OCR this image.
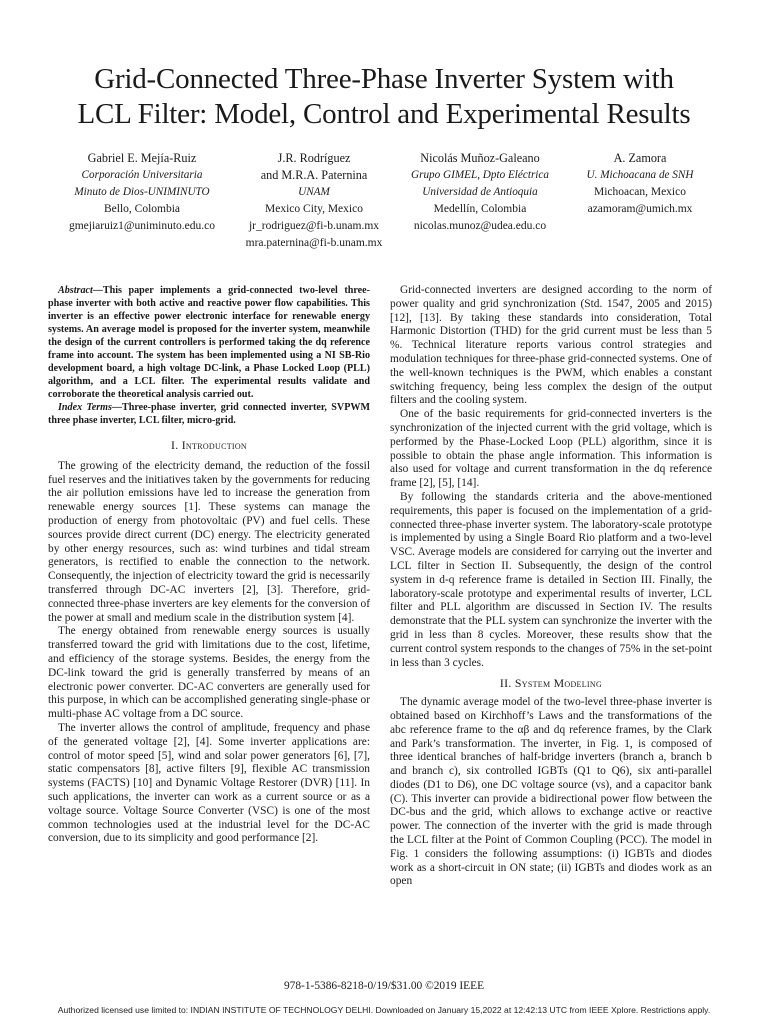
Grid-Connected Three-Phase Inverter System with
LCL Filter: Model, Control and Experimental Results
Gabriel E. Mejía-Ruiz
Corporación Universitaria
Minuto de Dios-UNIMINUTO
Bello, Colombia
gmejiaruiz1@uniminuto.edu.co
J.R. Rodríguez
and M.R.A. Paternina
UNAM
Mexico City, Mexico
jr_rodriguez@fi-b.unam.mx
mra.paternina@fi-b.unam.mx
Nicolás Muñoz-Galeano
Grupo GIMEL, Dpto Eléctrica
Universidad de Antioquia
Medellín, Colombia
nicolas.munoz@udea.edu.co
A. Zamora
U. Michoacana de SNH
Michoacan, Mexico
azamoram@umich.mx

Abstract—This paper implements a grid-connected two-level three-phase inverter with both active and reactive power flow capabilities. This inverter is an effective power electronic interface for renewable energy systems. An average model is proposed for the inverter system, meanwhile the design of the current controllers is performed taking the dq reference frame into account. The system has been implemented using a NI SB-Rio development board, a high voltage DC-link, a Phase Locked Loop (PLL) algorithm, and a LCL filter. The experimental results validate and corroborate the theoretical analysis carried out.

Index Terms—Three-phase inverter, grid connected inverter, SVPWM three phase inverter, LCL filter, micro-grid.

I. Introduction

The growing of the electricity demand, the reduction of the fossil fuel reserves and the initiatives taken by the governments for reducing the air pollution emissions have led to increase the generation from renewable energy sources [1]. These systems can manage the production of energy from photovoltaic (PV) and fuel cells. These sources provide direct current (DC) energy. The electricity generated by other energy resources, such as: wind turbines and tidal stream generators, is rectified to enable the connection to the network. Consequently, the injection of electricity toward the grid is necessarily transferred through DC-AC inverters [2], [3]. Therefore, grid-connected three-phase inverters are key elements for the conversion of the power at small and medium scale in the distribution system [4].

The energy obtained from renewable energy sources is usually transferred toward the grid with limitations due to the cost, lifetime, and efficiency of the storage systems. Besides, the energy from the DC-link toward the grid is generally transferred by means of an electronic power converter. DC-AC converters are generally used for this purpose, in which can be accomplished generating single-phase or multi-phase AC voltage from a DC source.

The inverter allows the control of amplitude, frequency and phase of the generated voltage [2], [4]. Some inverter applications are: control of motor speed [5], wind and solar power generators [6], [7], static compensators [8], active filters [9], flexible AC transmission systems (FACTS) [10] and Dynamic Voltage Restorer (DVR) [11]. In such applications, the inverter can work as a current source or as a voltage source. Voltage Source Converter (VSC) is one of the most common technologies used at the industrial level for the DC-AC conversion, due to its simplicity and good performance [2].

Grid-connected inverters are designed according to the norm of power quality and grid synchronization (Std. 1547, 2005 and 2015) [12], [13]. By taking these standards into consideration, Total Harmonic Distortion (THD) for the grid current must be less than 5 %. Technical literature reports various control strategies and modulation techniques for three-phase grid-connected systems. One of the well-known techniques is the PWM, which enables a constant switching frequency, being less complex the design of the output filters and the cooling system.

One of the basic requirements for grid-connected inverters is the synchronization of the injected current with the grid voltage, which is performed by the Phase-Locked Loop (PLL) algorithm, since it is possible to obtain the phase angle information. This information is also used for voltage and current transformation in the dq reference frame [2], [5], [14].

By following the standards criteria and the above-mentioned requirements, this paper is focused on the implementation of a grid-connected three-phase inverter system. The laboratory-scale prototype is implemented by using a Single Board Rio platform and a two-level VSC. Average models are considered for carrying out the inverter and LCL filter in Section II. Subsequently, the design of the control system in d-q reference frame is detailed in Section III. Finally, the laboratory-scale prototype and experimental results of inverter, LCL filter and PLL algorithm are discussed in Section IV. The results demonstrate that the PLL system can synchronize the inverter with the grid in less than 8 cycles. Moreover, these results show that the current control system responds to the changes of 75% in the set-point in less than 3 cycles.

II. System Modeling

The dynamic average model of the two-level three-phase inverter is obtained based on Kirchhoff’s Laws and the transformations of the abc reference frame to the αβ and dq reference frames, by the Clark and Park’s transformation. The inverter, in Fig. 1, is composed of three identical branches of half-bridge inverters (branch a, branch b and branch c), six controlled IGBTs (Q1 to Q6), six anti-parallel diodes (D1 to D6), one DC voltage source (vs), and a capacitor bank (C). This inverter can provide a bidirectional power flow between the DC-bus and the grid, which allows to exchange active or reactive power. The connection of the inverter with the grid is made through the LCL filter at the Point of Common Coupling (PCC). The model in Fig. 1 considers the following assumptions: (i) IGBTs and diodes work as a short-circuit in ON state; (ii) IGBTs and diodes work as an open

978-1-5386-8218-0/19/$31.00 ©2019 IEEE
Authorized licensed use limited to: INDIAN INSTITUTE OF TECHNOLOGY DELHI. Downloaded on January 15,2022 at 12:42:13 UTC from IEEE Xplore. Restrictions apply.
